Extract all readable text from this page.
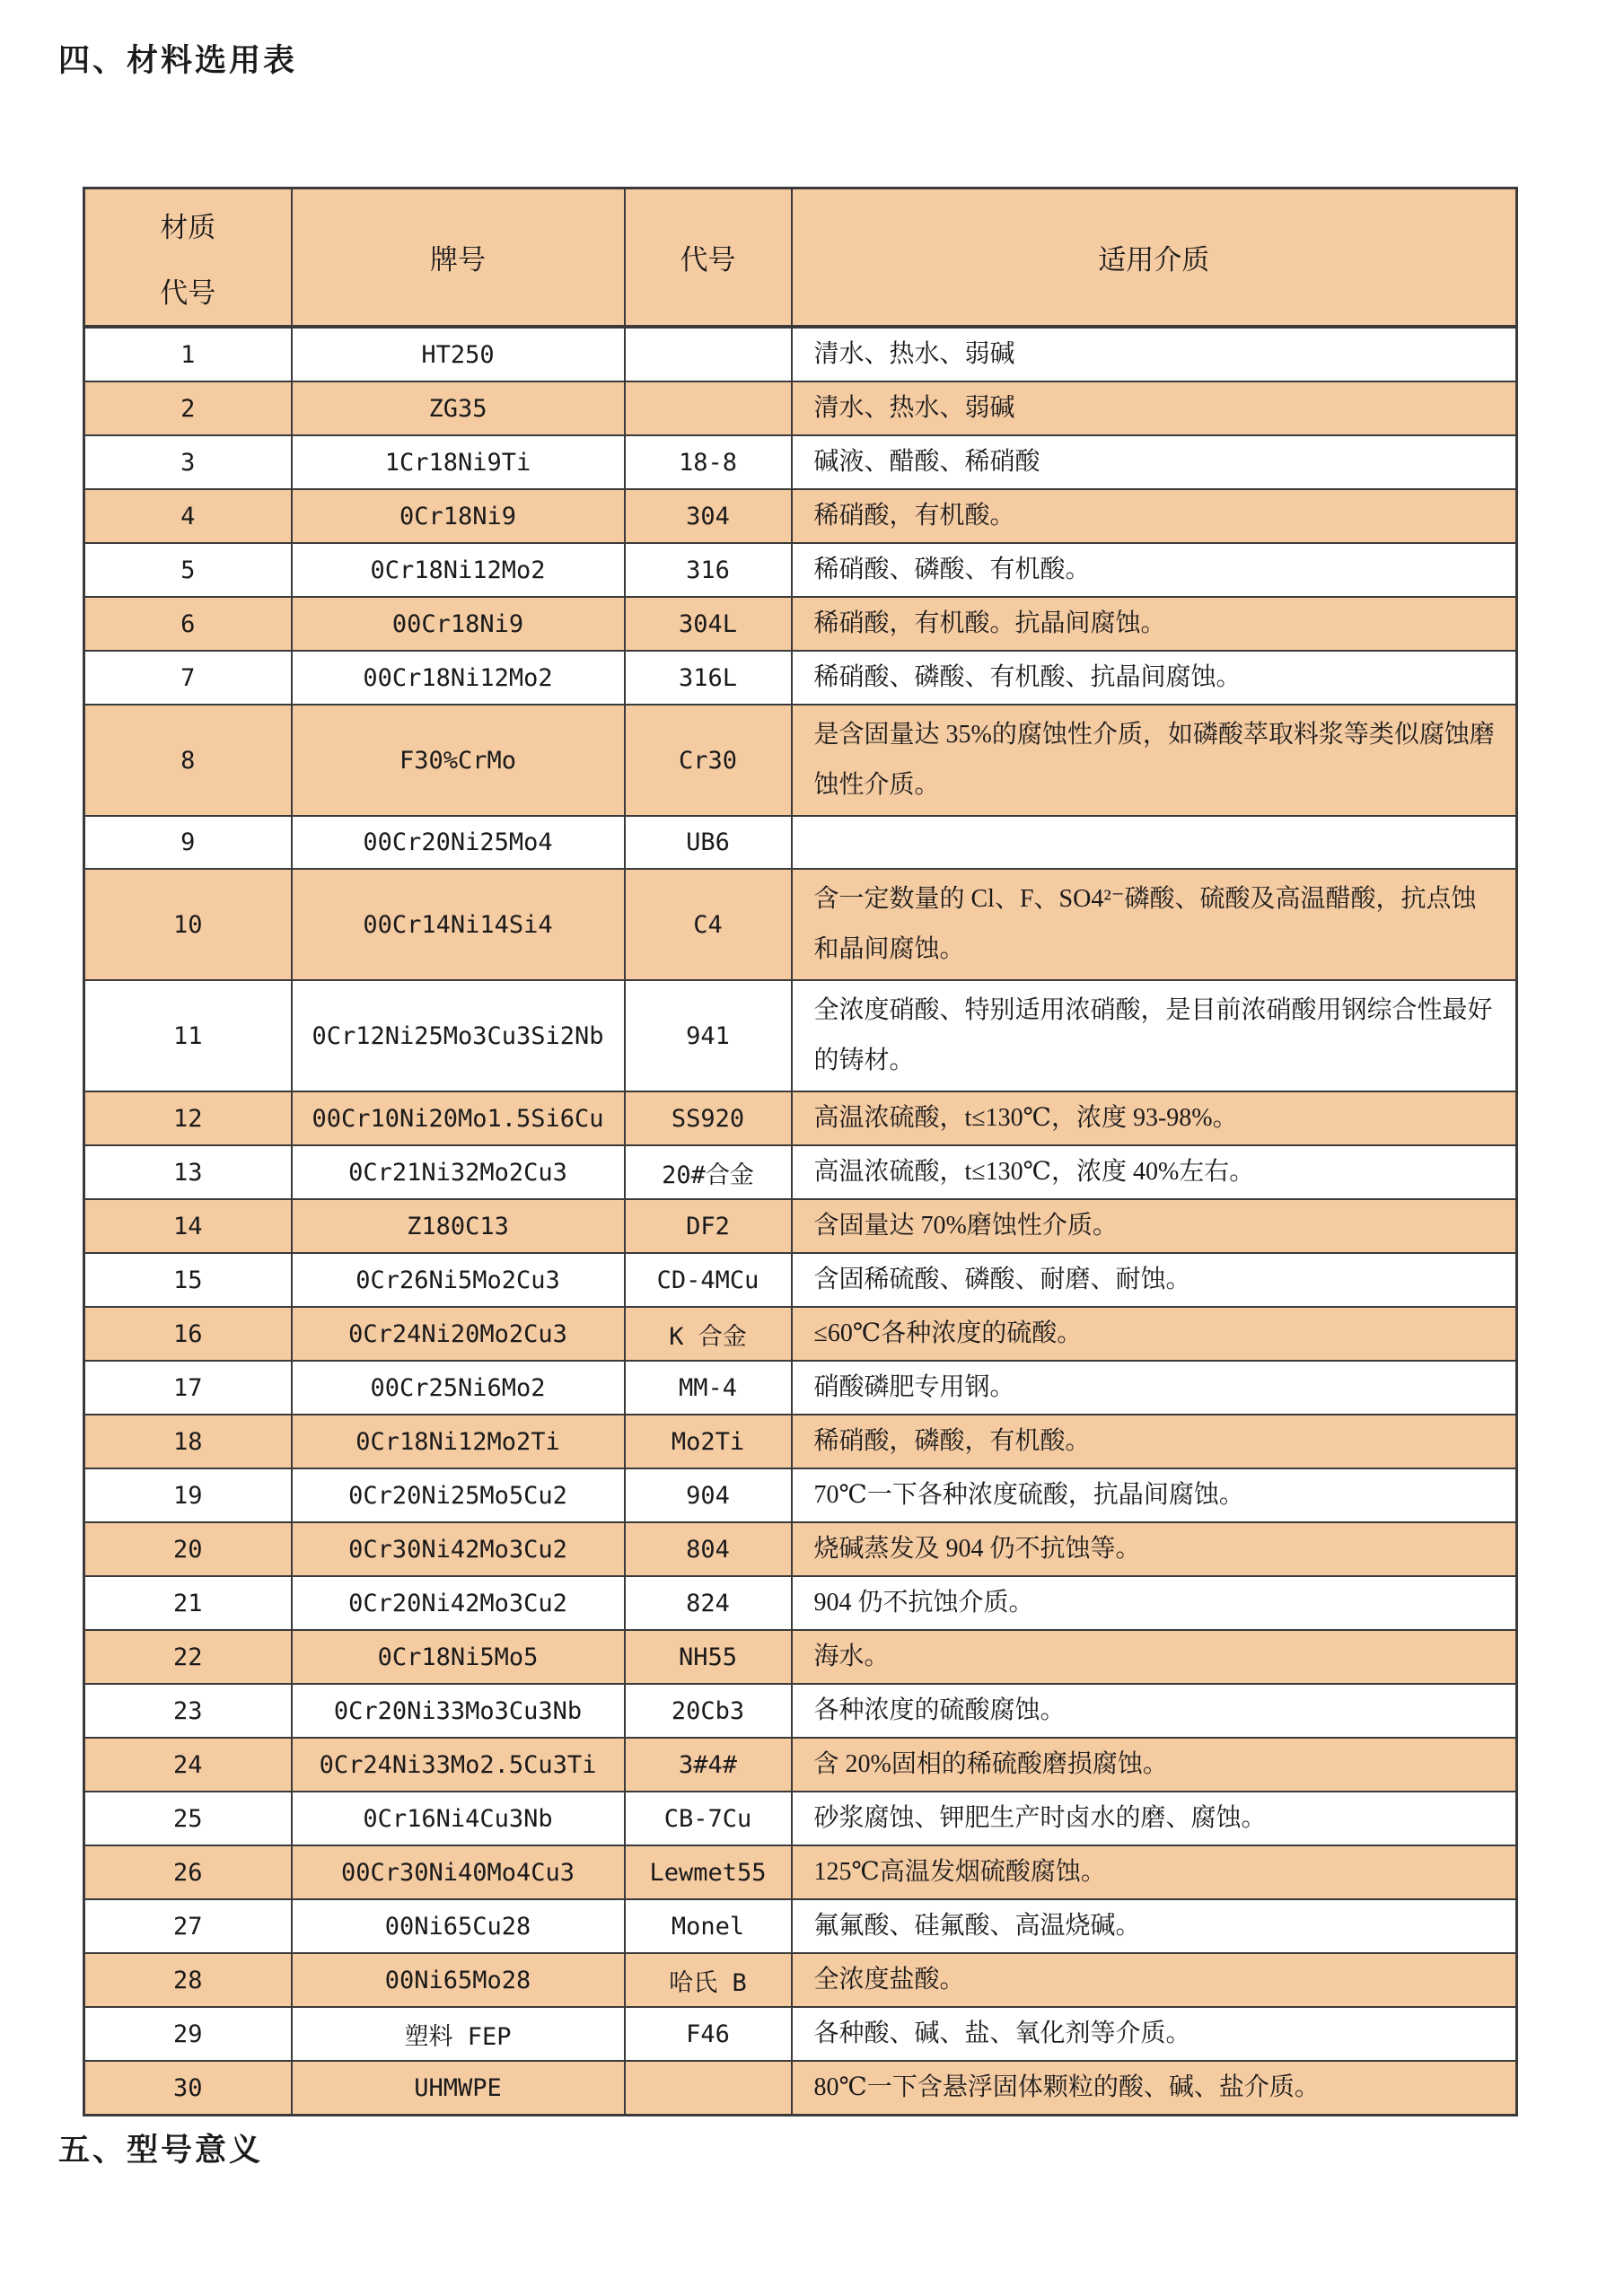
四、材料选用表
材质
代号	牌号	代号	适用介质
1	HT250		清水、热水、弱碱
2	ZG35		清水、热水、弱碱
3	1Cr18Ni9Ti	18-8	碱液、醋酸、稀硝酸
4	0Cr18Ni9	304	稀硝酸，有机酸。
5	0Cr18Ni12Mo2	316	稀硝酸、磷酸、有机酸。
6	00Cr18Ni9	304L	稀硝酸，有机酸。抗晶间腐蚀。
7	00Cr18Ni12Mo2	316L	稀硝酸、磷酸、有机酸、抗晶间腐蚀。
8	F30%CrMo	Cr30	是含固量达 35%的腐蚀性介质，如磷酸萃取料浆等类似腐蚀磨蚀性介质。
9	00Cr20Ni25Mo4	UB6	
10	00Cr14Ni14Si4	C4	含一定数量的 Cl、F、SO4²⁻磷酸、硫酸及高温醋酸，抗点蚀和晶间腐蚀。
11	0Cr12Ni25Mo3Cu3Si2Nb	941	全浓度硝酸、特别适用浓硝酸，是目前浓硝酸用钢综合性最好的铸材。
12	00Cr10Ni20Mo1.5Si6Cu	SS920	高温浓硫酸，t≤130℃，浓度 93-98%。
13	0Cr21Ni32Mo2Cu3	20#合金	高温浓硫酸，t≤130℃，浓度 40%左右。
14	Z180C13	DF2	含固量达 70%磨蚀性介质。
15	0Cr26Ni5Mo2Cu3	CD-4MCu	含固稀硫酸、磷酸、耐磨、耐蚀。
16	0Cr24Ni20Mo2Cu3	K 合金	≤60℃各种浓度的硫酸。
17	00Cr25Ni6Mo2	MM-4	硝酸磷肥专用钢。
18	0Cr18Ni12Mo2Ti	Mo2Ti	稀硝酸，磷酸，有机酸。
19	0Cr20Ni25Mo5Cu2	904	70℃一下各种浓度硫酸，抗晶间腐蚀。
20	0Cr30Ni42Mo3Cu2	804	烧碱蒸发及 904 仍不抗蚀等。
21	0Cr20Ni42Mo3Cu2	824	904 仍不抗蚀介质。
22	0Cr18Ni5Mo5	NH55	海水。
23	0Cr20Ni33Mo3Cu3Nb	20Cb3	各种浓度的硫酸腐蚀。
24	0Cr24Ni33Mo2.5Cu3Ti	3#4#	含 20%固相的稀硫酸磨损腐蚀。
25	0Cr16Ni4Cu3Nb	CB-7Cu	砂浆腐蚀、钾肥生产时卤水的磨、腐蚀。
26	00Cr30Ni40Mo4Cu3	Lewmet55	125℃高温发烟硫酸腐蚀。
27	00Ni65Cu28	Monel	氟氟酸、硅氟酸、高温烧碱。
28	00Ni65Mo28	哈氏 B	全浓度盐酸。
29	塑料 FEP	F46	各种酸、碱、盐、氧化剂等介质。
30	UHMWPE		80℃一下含悬浮固体颗粒的酸、碱、盐介质。
五、型号意义
